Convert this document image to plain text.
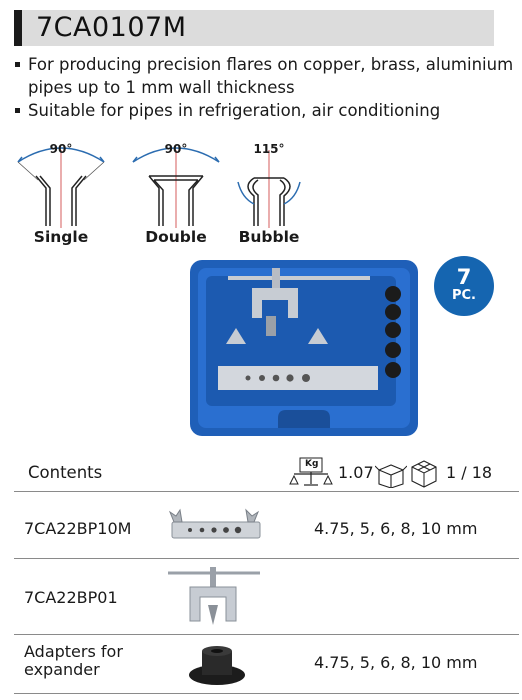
7CA0107M
For producing precision flares on copper, brass, aluminium pipes up to 1 mm wall thickness
Suitable for pipes in refrigeration, air conditioning
90°
Single
90°
Double
115°
Bubble
7
PC.
Contents	Kg 1.07	1 / 18
7CA22BP10M	4.75, 5, 6, 8, 10 mm
7CA22BP01
Adapters for expander	4.75, 5, 6, 8, 10 mm
